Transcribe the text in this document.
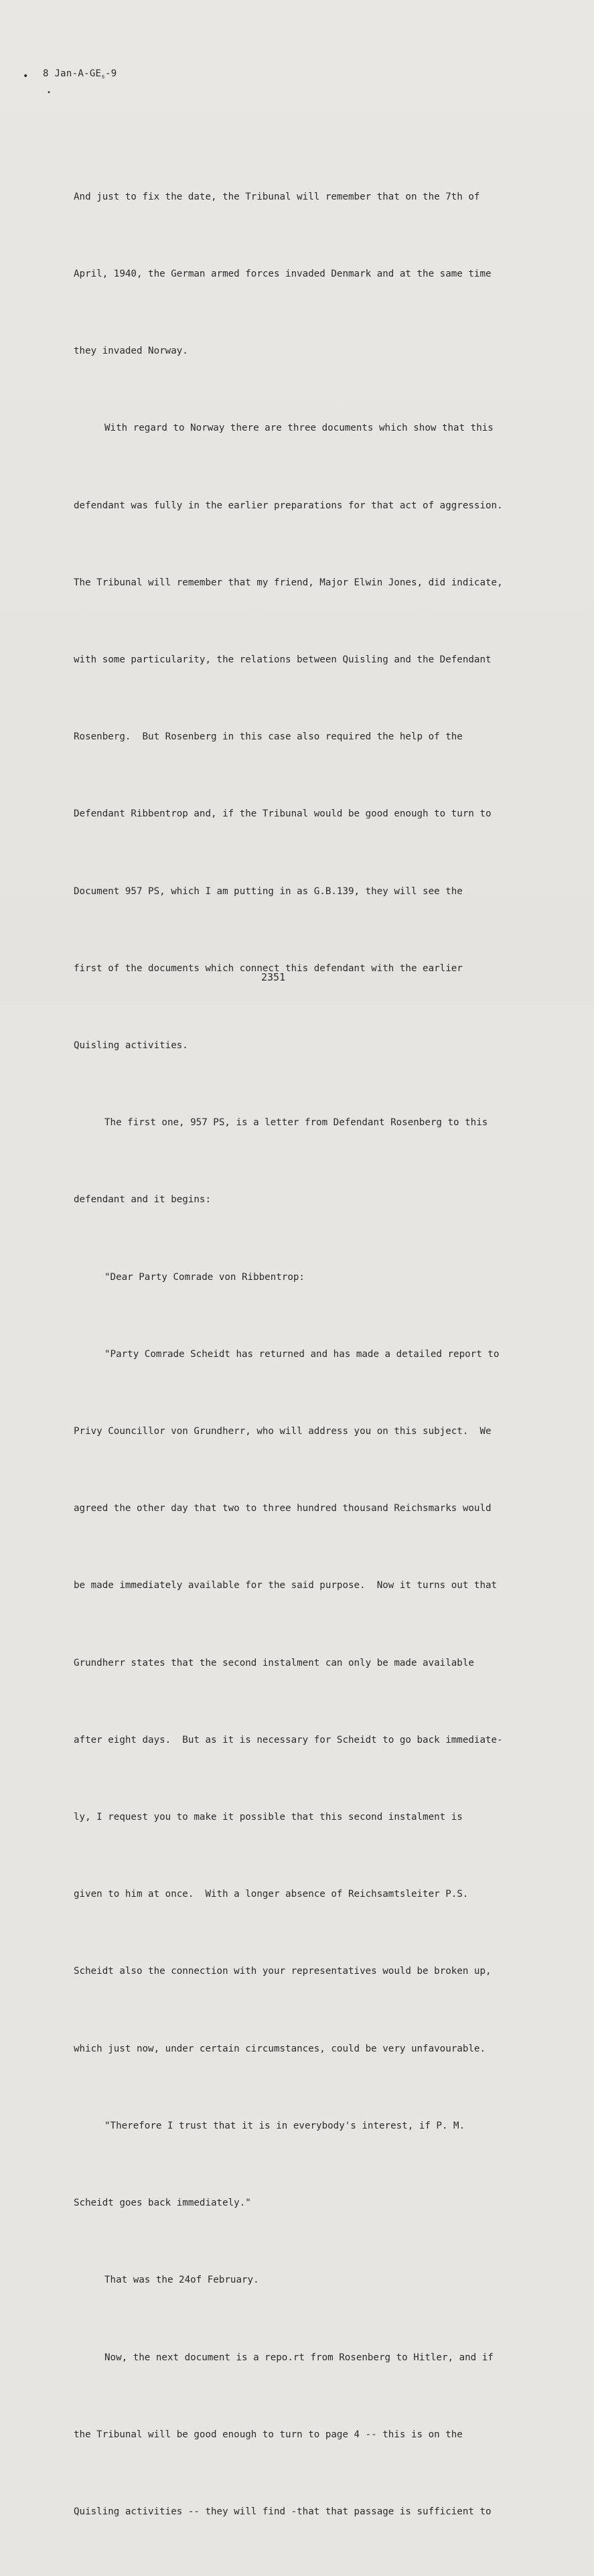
• 8 Jan-$A-GE_s-9$
•

And just to fix the date, the Tribunal will remember that on the 7th of

April, 1940, the German armed forces invaded Denmark and at the same time

they invaded Norway.

With regard to Norway there are three documents which show that this

defendant was fully in the earlier preparations for that act of aggression.

The Tribunal will remember that my friend, Major Elwin Jones, did indicate,

with some particularity, the relations between Quisling and the Defendant

Rosenberg.  But Rosenberg in this case also required the help of the

Defendant Ribbentrop and, if the Tribunal would be good enough to turn to

Document 957 PS, which I am putting in as G.B.139, they will see the

first of the documents which connect this defendant with the earlier

Quisling activities.

The first one, 957 PS, is a letter from Defendant Rosenberg to this

defendant and it begins:

"Dear Party Comrade von Ribbentrop:

"Party Comrade Scheidt has returned and has made a detailed report to

Privy Councillor von Grundherr, who will address you on this subject.  We

agreed the other day that two to three hundred thousand Reichsmarks would

be made immediately available for the said purpose.  Now it turns out that

Grundherr states that the second instalment can only be made available

after eight days.  But as it is necessary for Scheidt to go back immediate-

ly, I request you to make it possible that this second instalment is

given to him at once.  With a longer absence of Reichsamtsleiter P.S.

Scheidt also the connection with your representatives would be broken up,

which just now, under certain circumstances, could be very unfavourable.

"Therefore I trust that it is in everybody's interest, if P. M.

Scheidt goes back immediately."

That was the 24of February.

Now, the next document is a repo.rt from Rosenberg to Hitler, and if

the Tribunal will be good enough to turn to page 4 -- this is on the

Quisling activities -- they will find -that that passage is sufficient to

2351
